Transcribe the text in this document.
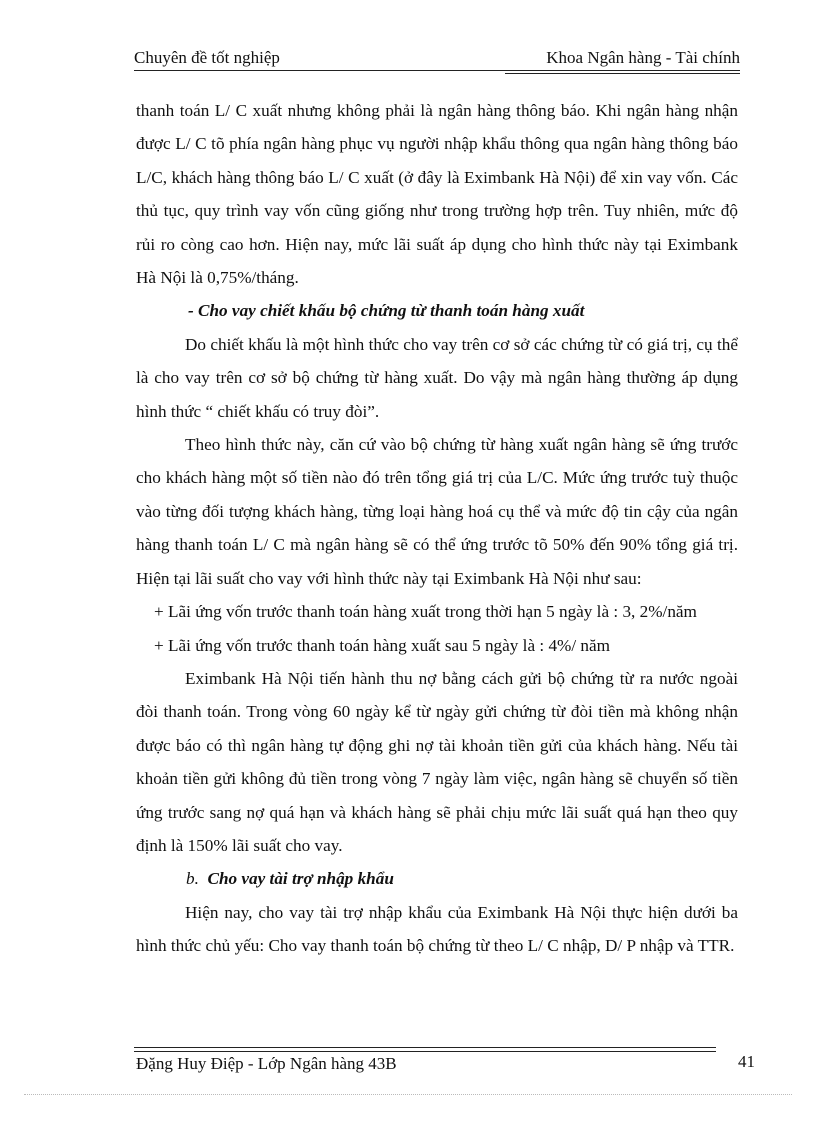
Chuyên đề tốt nghiệp	Khoa Ngân hàng - Tài chính

thanh toán L/ C xuất nhưng không phải là ngân hàng thông báo. Khi ngân hàng nhận được L/ C tõ phía ngân hàng phục vụ người nhập khẩu thông qua ngân hàng thông báo L/C, khách hàng thông báo L/ C xuất (ở đây là Eximbank Hà Nội) để xin vay vốn. Các thủ tục, quy trình vay vốn cũng giống như trong trường hợp trên. Tuy nhiên, mức độ rủi ro còng cao hơn. Hiện nay, mức lãi suất áp dụng cho hình thức này tại Eximbank Hà Nội là 0,75%/tháng.

- Cho vay chiết khấu bộ chứng từ thanh toán hàng xuất

Do chiết khấu là một hình thức cho vay trên cơ sở các chứng từ có giá trị, cụ thể là cho vay trên cơ sở bộ chứng từ hàng xuất. Do vậy mà ngân hàng thường áp dụng hình thức “ chiết khấu có truy đòi”.

Theo hình thức này, căn cứ vào bộ chứng từ hàng xuất ngân hàng sẽ ứng trước cho khách hàng một số tiền nào đó trên tổng giá trị của L/C. Mức ứng trước tuỳ thuộc vào từng đối tượng khách hàng, từng loại hàng hoá cụ thể và mức độ tin cậy của ngân hàng thanh toán L/ C mà ngân hàng sẽ có thể ứng trước tõ 50% đến 90% tổng giá trị. Hiện tại lãi suất cho vay với hình thức này tại Eximbank Hà Nội như sau:

+ Lãi ứng vốn trước thanh toán hàng xuất trong thời hạn 5 ngày là : 3, 2%/năm

+ Lãi ứng vốn trước thanh toán hàng xuất sau 5 ngày là : 4%/ năm

Eximbank Hà Nội tiến hành thu nợ bằng cách gửi bộ chứng từ ra nước ngoài đòi thanh toán. Trong vòng 60 ngày kể từ ngày gửi chứng từ đòi tiền mà không nhận được báo có thì ngân hàng tự động ghi nợ tài khoản tiền gửi của khách hàng. Nếu tài khoản tiền gửi không đủ tiền trong vòng 7 ngày làm việc, ngân hàng sẽ chuyển số tiền ứng trước sang nợ quá hạn và khách hàng sẽ phải chịu mức lãi suất quá hạn theo quy định là 150% lãi suất cho vay.

b. Cho vay tài trợ nhập khẩu

Hiện nay, cho vay tài trợ nhập khẩu của Eximbank Hà Nội thực hiện dưới ba hình thức chủ yếu: Cho vay thanh toán bộ chứng từ theo L/ C nhập, D/ P nhập và TTR.

Đặng Huy Điệp - Lớp Ngân hàng 43B	41
